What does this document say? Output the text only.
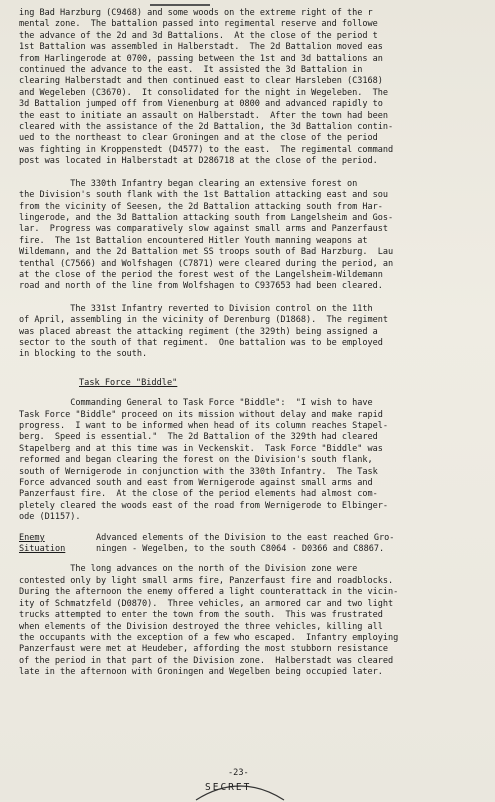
ing Bad Harzburg (C9468) and some woods on the extreme right of the r
mental zone.  The battalion passed into regimental reserve and followe
the advance of the 2d and 3d Battalions.  At the close of the period t
1st Battalion was assembled in Halberstadt.  The 2d Battalion moved eas
from Harlingerode at 0700, passing between the 1st and 3d battalions an
continued the advance to the east.  It assisted the 3d Battalion in
clearing Halberstadt and then continued east to clear Harsleben (C3168)
and Wegeleben (C3670).  It consolidated for the night in Wegeleben.  The
3d Battalion jumped off from Vienenburg at 0800 and advanced rapidly to
the east to initiate an assault on Halberstadt.  After the town had been
cleared with the assistance of the 2d Battalion, the 3d Battalion contin-
ued to the northeast to clear Groningen and at the close of the period
was fighting in Kroppenstedt (D4577) to the east.  The regimental command
post was located in Halberstadt at D286718 at the close of the period.
The 330th Infantry began clearing an extensive forest on
the Division's south flank with the 1st Battalion attacking east and sou
from the vicinity of Seesen, the 2d Battalion attacking south from Har-
lingerode, and the 3d Battalion attacking south from Langelsheim and Gos-
lar.  Progress was comparatively slow against small arms and Panzerfaust
fire.  The 1st Battalion encountered Hitler Youth manning weapons at
Wildemann, and the 2d Battalion met SS troops south of Bad Harzburg.  Lau
tenthal (C7566) and Wolfshagen (C7871) were cleared during the period, an
at the close of the period the forest west of the Langelsheim-Wildemann
road and north of the line from Wolfshagen to C937653 had been cleared.
The 331st Infantry reverted to Division control on the 11th
of April, assembling in the vicinity of Derenburg (D1868).  The regiment
was placed abreast the attacking regiment (the 329th) being assigned a
sector to the south of that regiment.  One battalion was to be employed
in blocking to the south.
Task Force "Biddle"
Commanding General to Task Force "Biddle":  "I wish to have
Task Force "Biddle" proceed on its mission without delay and make rapid
progress.  I want to be informed when head of its column reaches Stapel-
berg.  Speed is essential."  The 2d Battalion of the 329th had cleared
Stapelberg and at this time was in Veckenskit.  Task Force "Biddle" was
reformed and began clearing the forest on the Division's south flank,
south of Wernigerode in conjunction with the 330th Infantry.  The Task
Force advanced south and east from Wernigerode against small arms and
Panzerfaust fire.  At the close of the period elements had almost com-
pletely cleared the woods east of the road from Wernigerode to Elbinger-
ode (D1157).
Enemy
Situation
Advanced elements of the Division to the east reached Gro-
ningen - Wegelben, to the south C8064 - D0366 and C8867.
The long advances on the north of the Division zone were
contested only by light small arms fire, Panzerfaust fire and roadblocks.
During the afternoon the enemy offered a light counterattack in the vicin-
ity of Schmatzfeld (D0870).  Three vehicles, an armored car and two light
trucks attempted to enter the town from the south.  This was frustrated
when elements of the Division destroyed the three vehicles, killing all
the occupants with the exception of a few who escaped.  Infantry employing
Panzerfaust were met at Heudeber, affording the most stubborn resistance
of the period in that part of the Division zone.  Halberstadt was cleared
late in the afternoon with Groningen and Wegelben being occupied later.
-23-
SECRET
